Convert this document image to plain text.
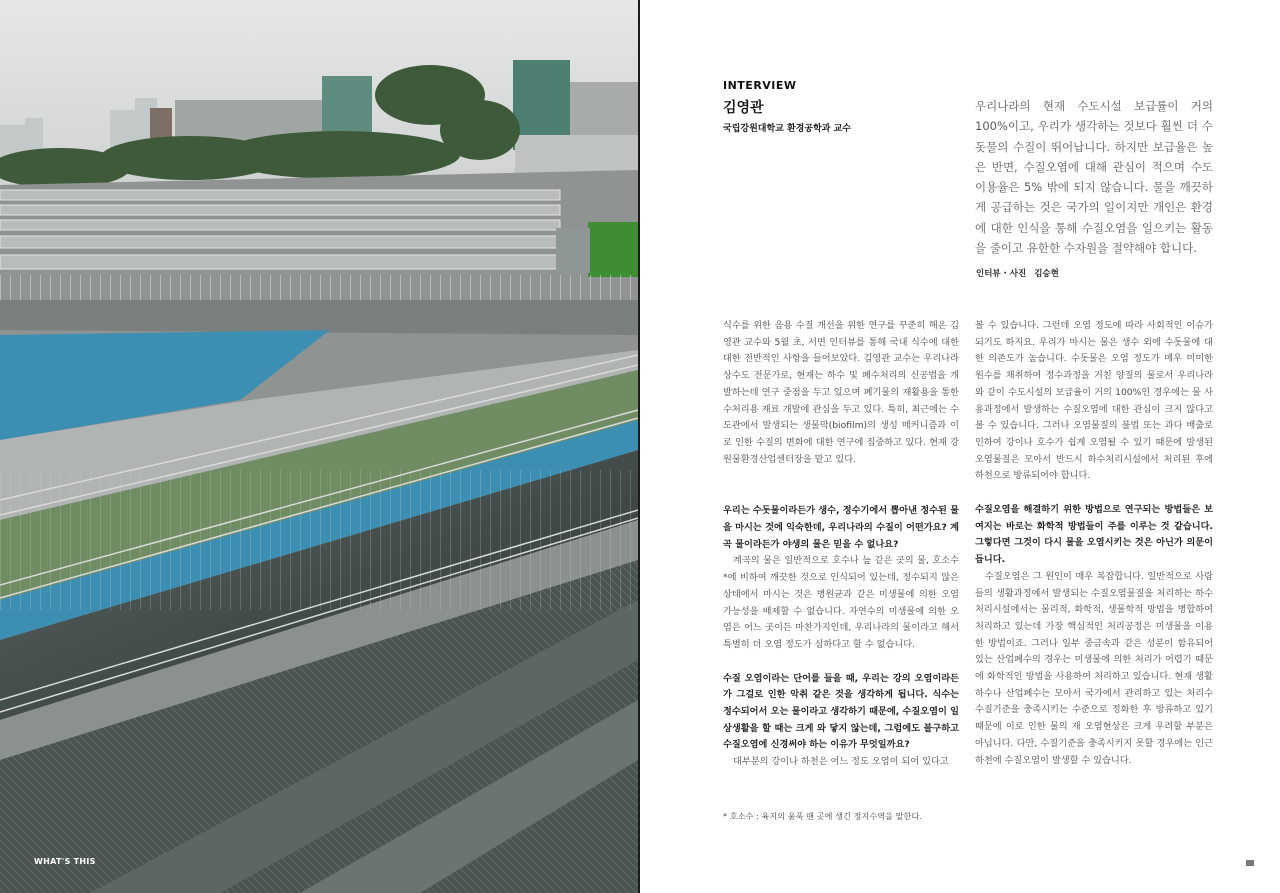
WHAT'S THIS
INTERVIEW
김영관
국립강원대학교 환경공학과 교수
우리나라의 현재 수도시설 보급률이 거의 100%이고, 우리가 생각하는 것보다 훨씬 더 수돗물의 수질이 뛰어납니다. 하지만 보급율은 높은 반면, 수질오염에 대해 관심이 적으며 수도 이용율은 5% 밖에 되지 않습니다. 물을 깨끗하게 공급하는 것은 국가의 일이지만 개인은 환경에 대한 인식을 통해 수질오염을 일으키는 활동을 줄이고 유한한 수자원을 절약해야 합니다.
인터뷰 · 사진 김승현

식수를 위한 음용 수질 개선을 위한 연구를 꾸준히 해온 김영관 교수와 5월 초, 서면 인터뷰를 통해 국내 식수에 대한 대한 전반적인 사항을 들어보았다. 김영관 교수는 우리나라 상수도 전문가로, 현재는 하수 및 폐수처리의 신공법을 개발하는데 연구 중점을 두고 있으며 폐기물의 재활용을 통한 수처리용 재료 개발에 관심을 두고 있다. 특히, 최근에는 수도관에서 발생되는 생물막(biofilm)의 생성 매커니즘과 이로 인한 수질의 변화에 대한 연구에 집중하고 있다. 현재 강원물환경산업센터장을 맡고 있다.

우리는 수돗물이라든가 생수, 정수기에서 뽑아낸 정수된 물을 마시는 것에 익숙한데, 우리나라의 수질이 어떤가요? 계곡 물이라든가 야생의 물은 믿을 수 없나요?

계곡의 물은 일반적으로 호수나 늪 같은 곳의 물, 호소수*에 비하여 깨끗한 것으로 인식되어 있는데, 정수되지 않은 상태에서 마시는 것은 병원균과 같은 미생물에 의한 오염 가능성을 배제할 수 없습니다. 자연수의 미생물에 의한 오염은 어느 곳이든 마찬가지인데, 우리나라의 물이라고 해서 특별히 더 오염 정도가 심하다고 할 수 없습니다.

수질 오염이라는 단어를 들을 때, 우리는 강의 오염이라든가 그걸로 인한 악취 같은 것을 생각하게 됩니다. 식수는 정수되어서 오는 물이라고 생각하기 때문에, 수질오염이 일상생활을 할 때는 크게 와 닿지 않는데, 그럼에도 불구하고 수질오염에 신경써야 하는 이유가 무엇일까요?

대부분의 강이나 하천은 어느 정도 오염이 되어 있다고

볼 수 있습니다. 그런데 오염 정도에 따라 사회적인 이슈가 되기도 하지요. 우리가 마시는 물은 생수 외에 수돗물에 대한 의존도가 높습니다. 수돗물은 오염 정도가 매우 미미한 원수를 채취하여 정수과정을 거친 양질의 물로서 우리나라와 같이 수도시설의 보급율이 거의 100%인 경우에는 물 사용과정에서 발생하는 수질오염에 대한 관심이 크지 않다고 볼 수 있습니다. 그러나 오염물질의 불법 또는 과다 배출로 인하여 강이나 호수가 쉽게 오염될 수 있기 때문에 발생된 오염물질은 모아서 반드시 하수처리시설에서 처리된 후에 하천으로 방류되어야 합니다.

수질오염을 해결하기 위한 방법으로 연구되는 방법들은 보여지는 바로는 화학적 방법들이 주를 이루는 것 같습니다. 그렇다면 그것이 다시 물을 오염시키는 것은 아닌가 의문이 듭니다.

수질오염은 그 원인이 매우 복잡합니다. 일반적으로 사람들의 생활과정에서 발생되는 수질오염물질을 처리하는 하수처리시설에서는 물리적, 화학적, 생물학적 방법을 병합하여 처리하고 있는데 가장 핵심적인 처리공정은 미생물을 이용한 방법이죠. 그러나 일부 중금속과 같은 성분이 함유되어 있는 산업폐수의 경우는 미생물에 의한 처리가 어렵기 때문에 화학적인 방법을 사용하여 처리하고 있습니다. 현재 생활하수나 산업폐수는 모아서 국가에서 관리하고 있는 처리수 수질기준을 충족시키는 수준으로 정화한 후 방류하고 있기 때문에 이로 인한 물의 재 오염현상은 크게 우려할 부분은 아닙니다. 다만, 수질기준을 충족시키지 못할 경우에는 인근 하천에 수질오염이 발생할 수 있습니다.

* 호소수 : 육지의 움푹 팬 곳에 생긴 정지수역을 말한다.
